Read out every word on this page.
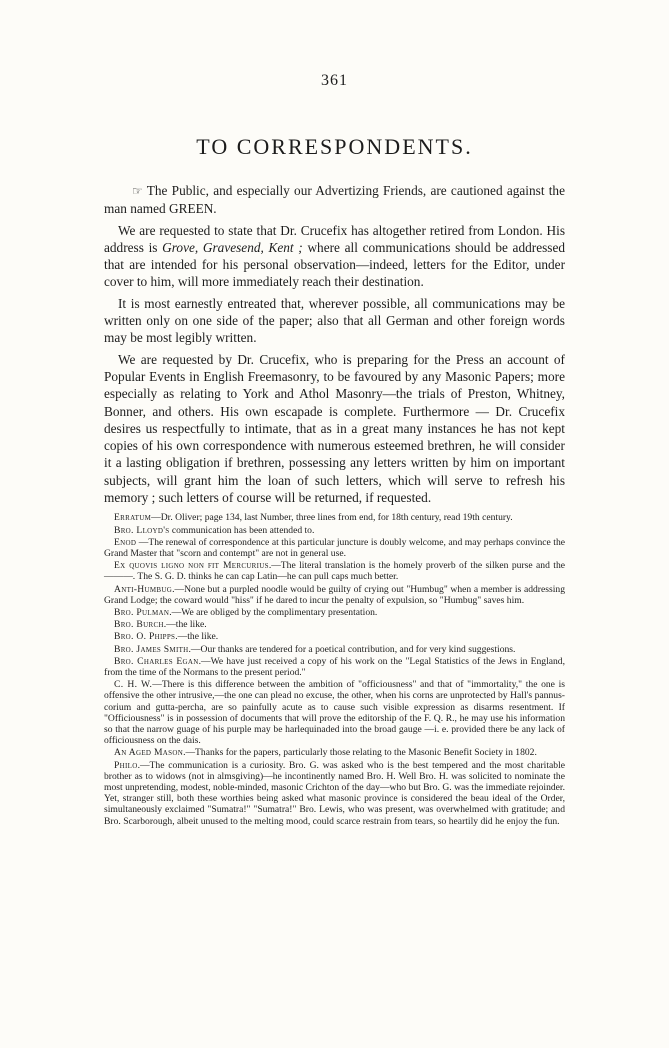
361
TO CORRESPONDENTS.

☞ The Public, and especially our Advertizing Friends, are cautioned against the man named GREEN.

We are requested to state that Dr. Crucefix has altogether retired from London. His address is Grove, Gravesend, Kent ; where all communications should be addressed that are intended for his personal observation—indeed, letters for the Editor, under cover to him, will more immediately reach their destination.

It is most earnestly entreated that, wherever possible, all communications may be written only on one side of the paper; also that all German and other foreign words may be most legibly written.

We are requested by Dr. Crucefix, who is preparing for the Press an account of Popular Events in English Freemasonry, to be favoured by any Masonic Papers; more especially as relating to York and Athol Masonry—the trials of Preston, Whitney, Bonner, and others. His own escapade is complete. Furthermore — Dr. Crucefix desires us respectfully to intimate, that as in a great many instances he has not kept copies of his own correspondence with numerous esteemed brethren, he will consider it a lasting obligation if brethren, possessing any letters written by him on important subjects, will grant him the loan of such letters, which will serve to refresh his memory ; such letters of course will be returned, if requested.

Erratum—Dr. Oliver; page 134, last Number, three lines from end, for 18th century, read 19th century.

Bro. Lloyd's communication has been attended to.

Enod —The renewal of correspondence at this particular juncture is doubly welcome, and may perhaps convince the Grand Master that "scorn and contempt" are not in general use.

Ex quovis ligno non fit Mercurius.—The literal translation is the homely proverb of the silken purse and the ———. The S. G. D. thinks he can cap Latin—he can pull caps much better.

Anti-Humbug.—None but a purpled noodle would be guilty of crying out "Humbug" when a member is addressing Grand Lodge; the coward would "hiss" if he dared to incur the penalty of expulsion, so "Humbug" saves him.

Bro. Pulman.—We are obliged by the complimentary presentation.

Bro. Burch.—the like.

Bro. O. Phipps.—the like.

Bro. James Smith.—Our thanks are tendered for a poetical contribution, and for very kind suggestions.

Bro. Charles Egan.—We have just received a copy of his work on the "Legal Statistics of the Jews in England, from the time of the Normans to the present period."

C. H. W.—There is this difference between the ambition of "officiousness" and that of "immortality," the one is offensive the other intrusive,—the one can plead no excuse, the other, when his corns are unprotected by Hall's pannus-corium and gutta-percha, are so painfully acute as to cause such visible expression as disarms resentment. If "Officiousness" is in possession of documents that will prove the editorship of the F. Q. R., he may use his information so that the narrow guage of his purple may be harlequinaded into the broad gauge —i. e. provided there be any lack of officiousness on the dais.

An Aged Mason.—Thanks for the papers, particularly those relating to the Masonic Benefit Society in 1802.

Philo.—The communication is a curiosity. Bro. G. was asked who is the best tempered and the most charitable brother as to widows (not in almsgiving)—he incontinently named Bro. H. Well Bro. H. was solicited to nominate the most unpretending, modest, noble-minded, masonic Crichton of the day—who but Bro. G. was the immediate rejoinder. Yet, stranger still, both these worthies being asked what masonic province is considered the beau ideal of the Order, simultaneously exclaimed "Sumatra!" "Sumatra!" Bro. Lewis, who was present, was overwhelmed with gratitude; and Bro. Scarborough, albeit unused to the melting mood, could scarce restrain from tears, so heartily did he enjoy the fun.
